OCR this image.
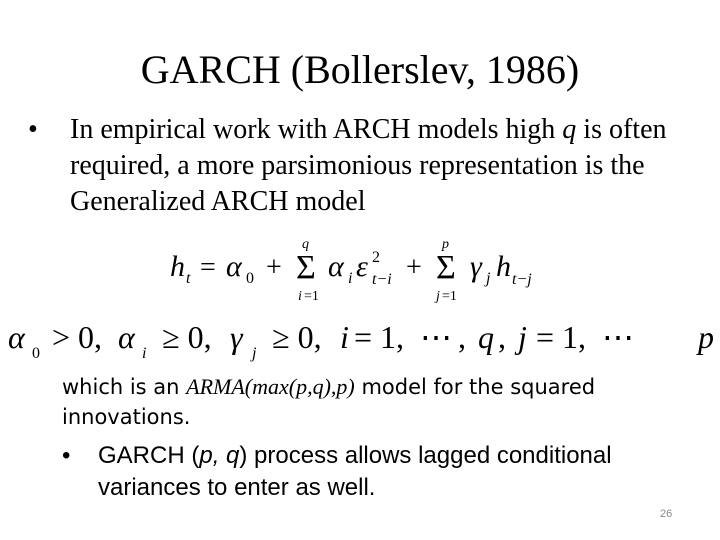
GARCH (Bollerslev, 1986)
• In empirical work with ARCH models high q is often required, a more parsimonious representation is the Generalized ARCH model
h t = α 0 +
q
Σ
i =1
α i ε 2
t−i +
p
Σ
j =1
γ j h t−j
α 0 > 0, α i ≥ 0, γ j ≥ 0, i = 1, ⋯ , q , j = 1, ⋯ p
which is an ARMA(max(p,q),p) model for the squared innovations.
• GARCH (p, q) process allows lagged conditional variances to enter as well.
26
